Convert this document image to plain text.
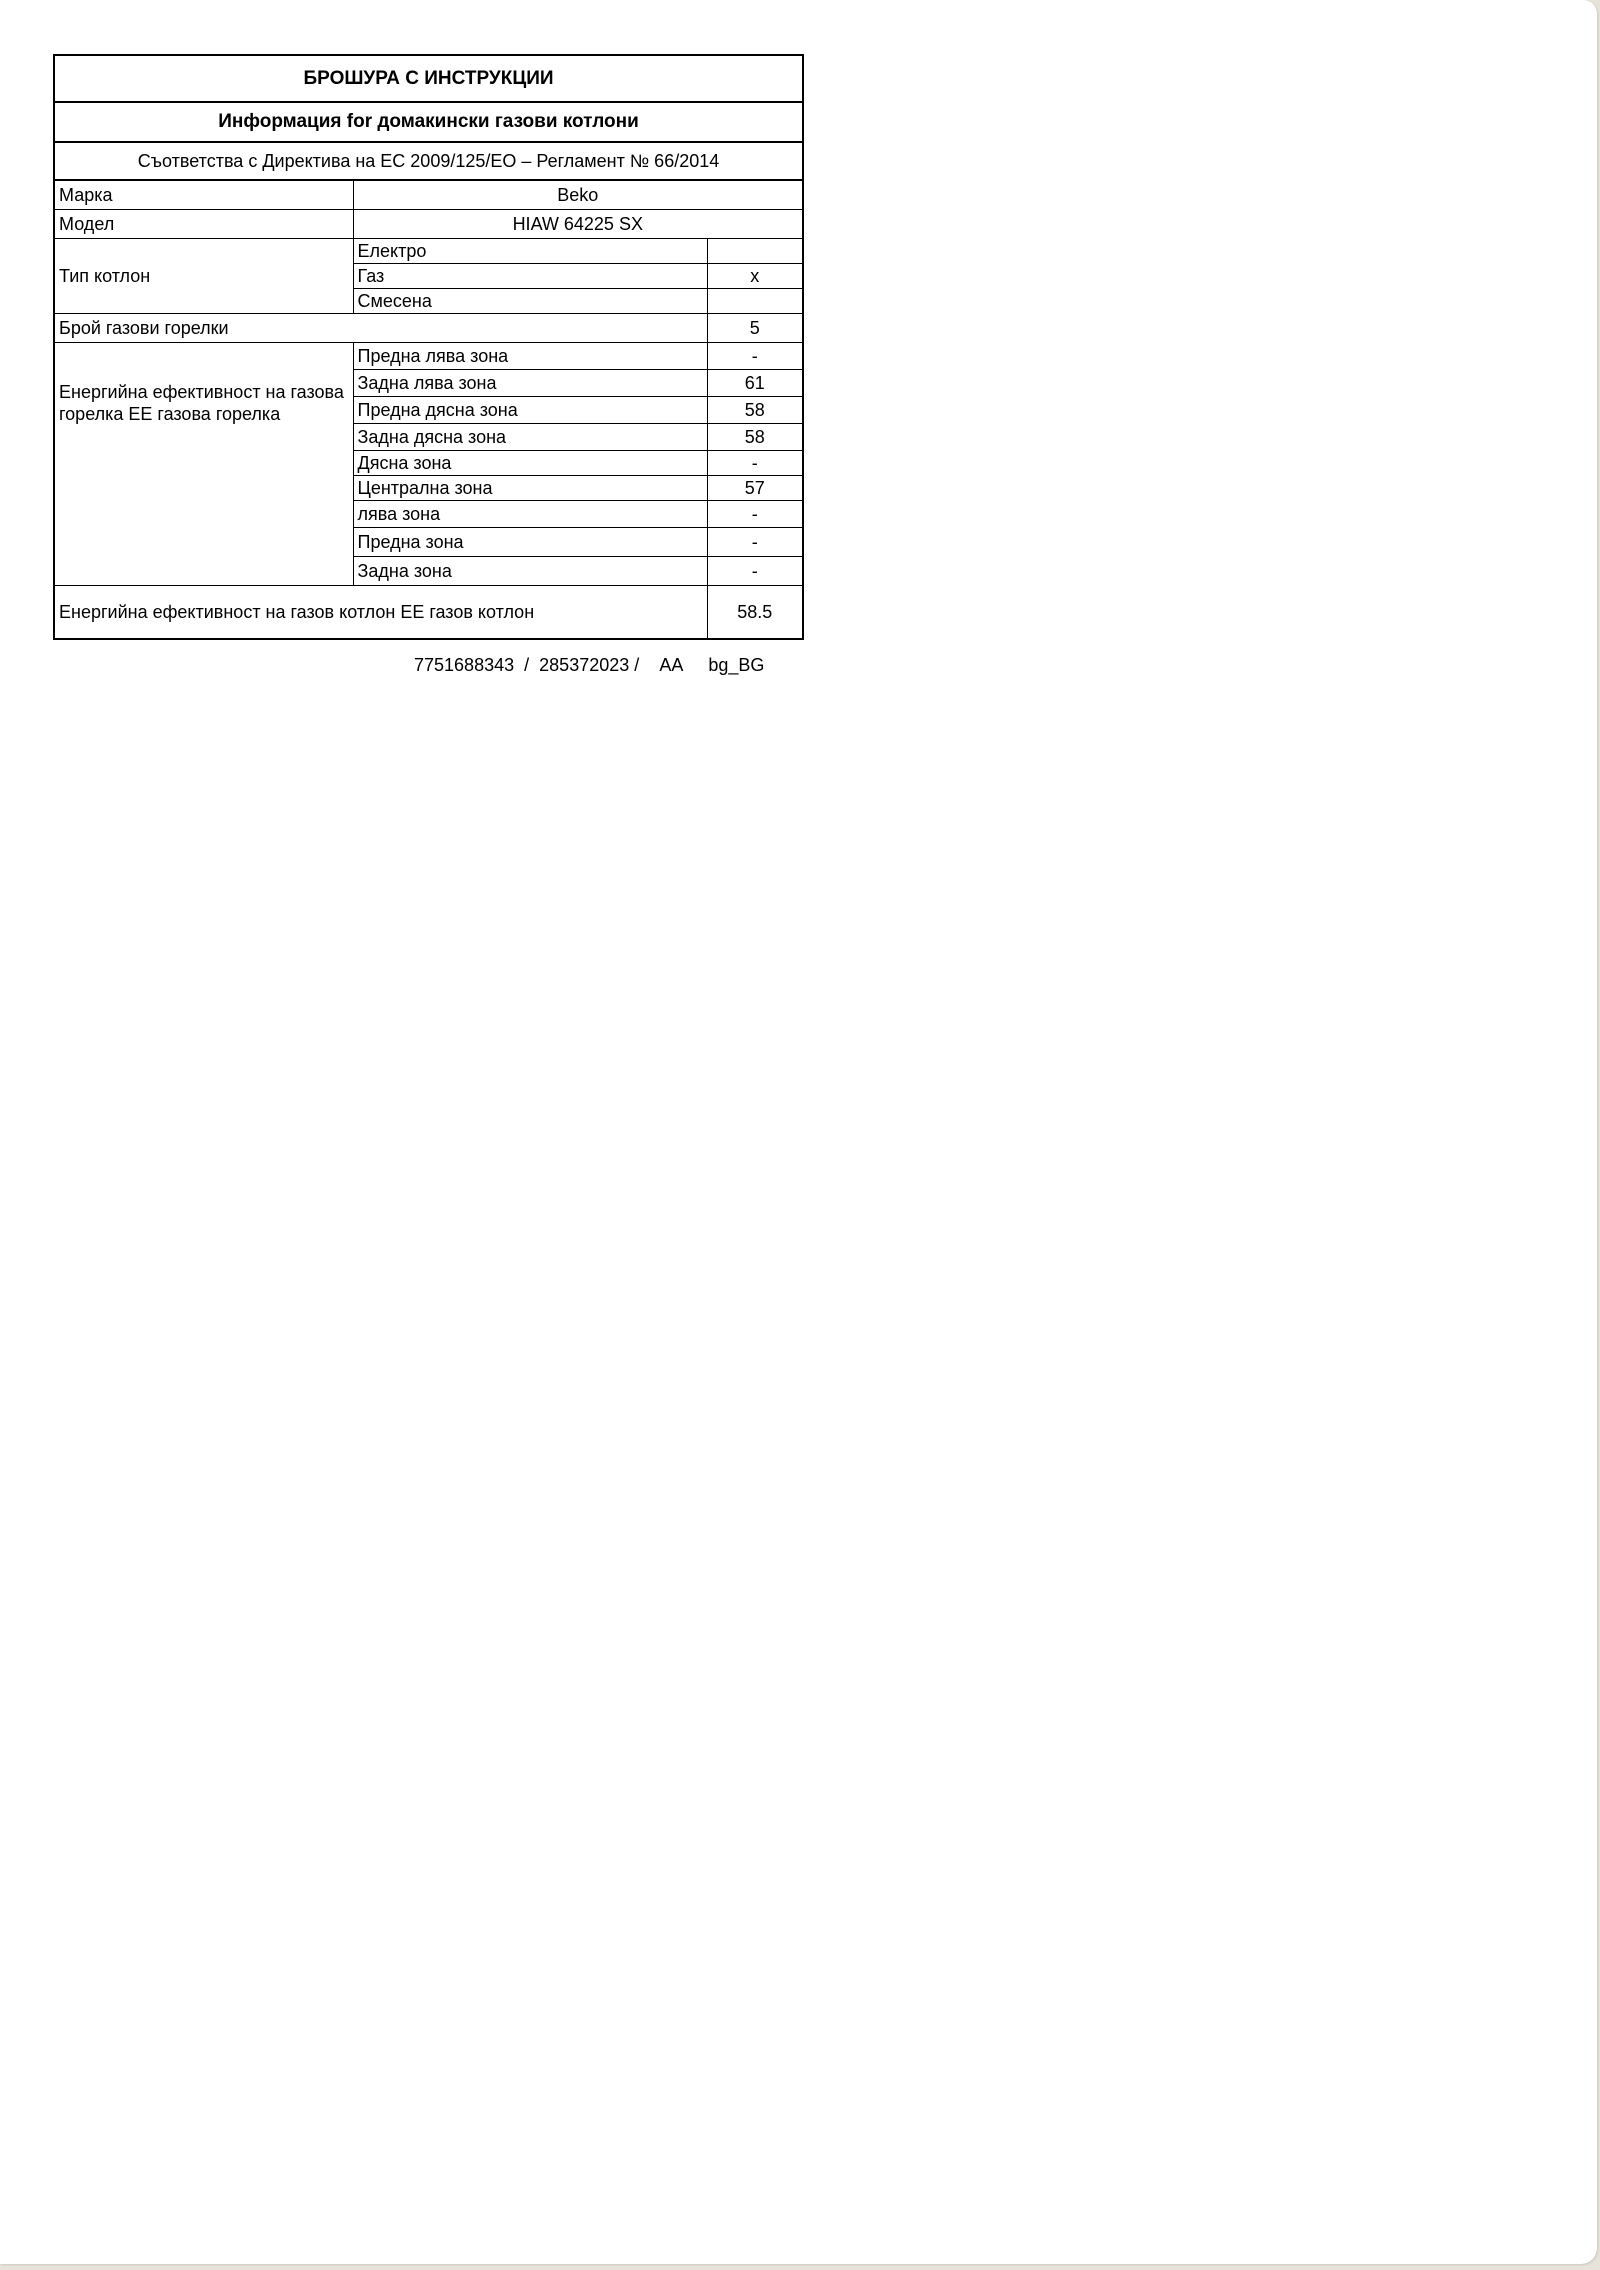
БРОШУРА С ИНСТРУКЦИИ		
Информация for домакински газови котлони		
Съответства с Директива на ЕС 2009/125/ЕО – Регламент № 66/2014		
Марка	Beko	
Модел	HIAW 64225 SX	
Тип котлон	Електро	
	Газ	x
	Смесена	
Брой газови горелки		5
Енергийна ефективност на газова горелка EE газова горелка	Предна лява зона	-
	Задна лява зона	61
	Предна дясна зона	58
	Задна дясна зона	58
	Дясна зона	-
	Централна зона	57
	лява зона	-
	Предна зона	-
	Задна зона	-
Енергийна ефективност на газов котлон EE газов котлон		58.5
7751688343 / 285372023 / AA bg_BG
